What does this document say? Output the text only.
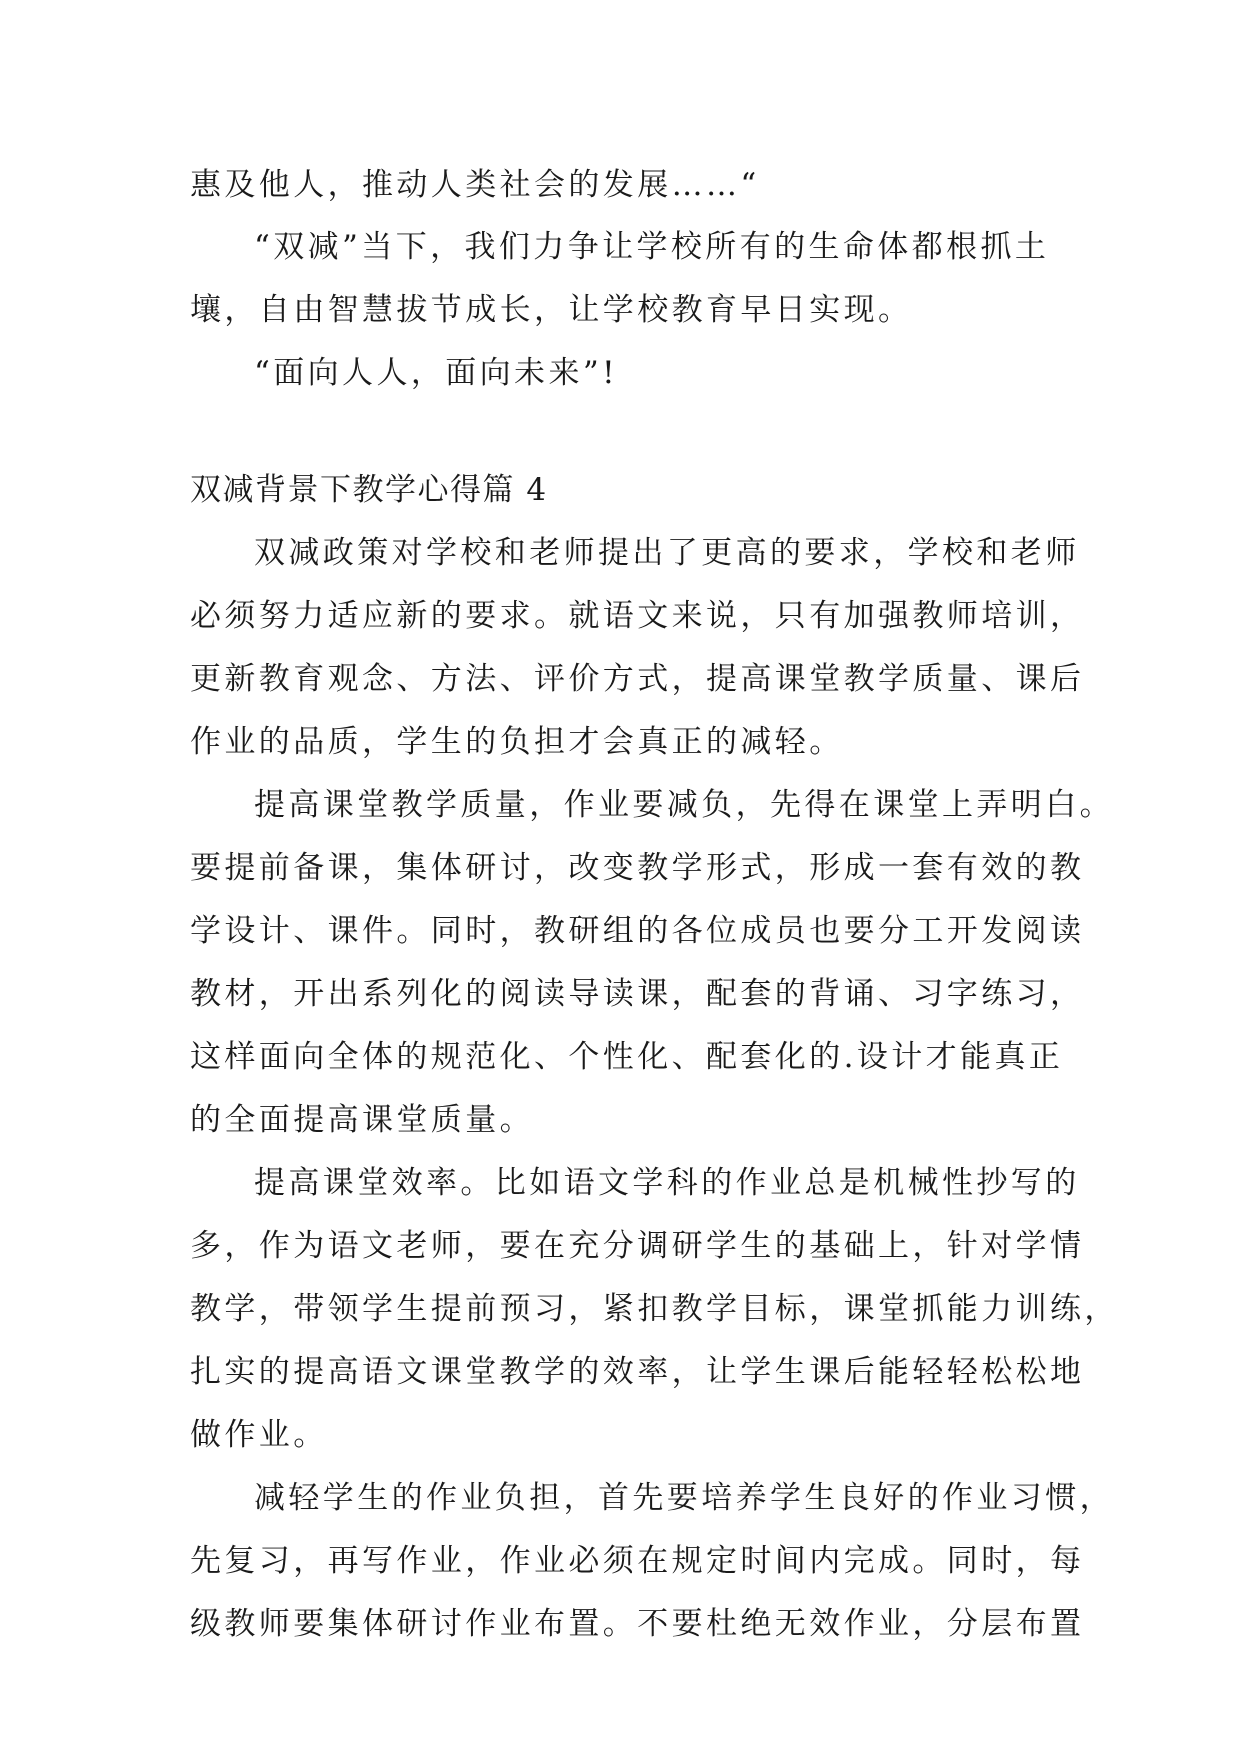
惠及他人，推动人类社会的发展……“
“双减”当下，我们力争让学校所有的生命体都根抓土
壤，自由智慧拔节成长，让学校教育早日实现。
“面向人人，面向未来”!
双减背景下教学心得篇 4
双减政策对学校和老师提出了更高的要求，学校和老师
必须努力适应新的要求。就语文来说，只有加强教师培训，
更新教育观念、方法、评价方式，提高课堂教学质量、课后
作业的品质，学生的负担才会真正的减轻。
提高课堂教学质量，作业要减负，先得在课堂上弄明白。
要提前备课，集体研讨，改变教学形式，形成一套有效的教
学设计、课件。同时，教研组的各位成员也要分工开发阅读
教材，开出系列化的阅读导读课，配套的背诵、习字练习，
这样面向全体的规范化、个性化、配套化的.设计才能真正
的全面提高课堂质量。
提高课堂效率。比如语文学科的作业总是机械性抄写的
多，作为语文老师，要在充分调研学生的基础上，针对学情
教学，带领学生提前预习，紧扣教学目标，课堂抓能力训练，
扎实的提高语文课堂教学的效率，让学生课后能轻轻松松地
做作业。
减轻学生的作业负担，首先要培养学生良好的作业习惯，
先复习，再写作业，作业必须在规定时间内完成。同时，每
级教师要集体研讨作业布置。不要杜绝无效作业，分层布置
